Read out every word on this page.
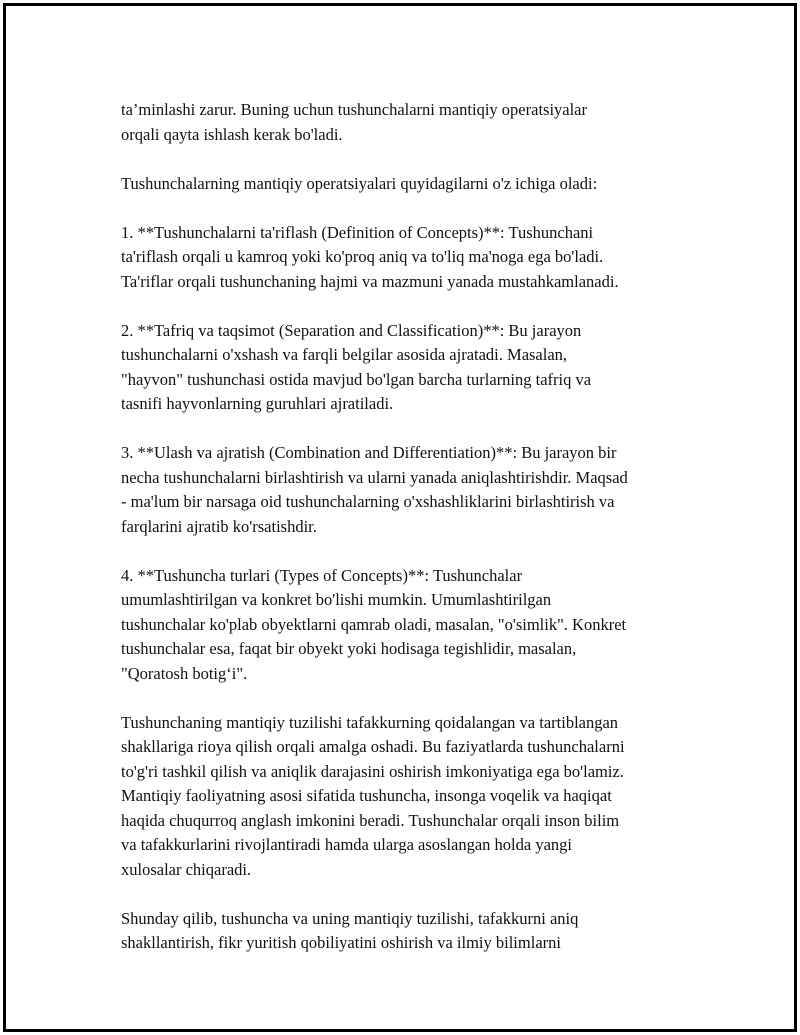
ta’minlashi zarur. Buning uchun tushunchalarni mantiqiy operatsiyalar
orqali qayta ishlash kerak bo'ladi.

Tushunchalarning mantiqiy operatsiyalari quyidagilarni o'z ichiga oladi:

1. **Tushunchalarni ta'riflash (Definition of Concepts)**: Tushunchani
ta'riflash orqali u kamroq yoki ko'proq aniq va to'liq ma'noga ega bo'ladi.
Ta'riflar orqali tushunchaning hajmi va mazmuni yanada mustahkamlanadi.

2. **Tafriq va taqsimot (Separation and Classification)**: Bu jarayon
tushunchalarni o'xshash va farqli belgilar asosida ajratadi. Masalan,
"hayvon" tushunchasi ostida mavjud bo'lgan barcha turlarning tafriq va
tasnifi hayvonlarning guruhlari ajratiladi.

3. **Ulash va ajratish (Combination and Differentiation)**: Bu jarayon bir
necha tushunchalarni birlashtirish va ularni yanada aniqlashtirishdir. Maqsad
- ma'lum bir narsaga oid tushunchalarning o'xshashliklarini birlashtirish va
farqlarini ajratib ko'rsatishdir.

4. **Tushuncha turlari (Types of Concepts)**: Tushunchalar
umumlashtirilgan va konkret bo'lishi mumkin. Umumlashtirilgan
tushunchalar ko'plab obyektlarni qamrab oladi, masalan, "o'simlik". Konkret
tushunchalar esa, faqat bir obyekt yoki hodisaga tegishlidir, masalan,
"Qoratosh botig‘i".

Tushunchaning mantiqiy tuzilishi tafakkurning qoidalangan va tartiblangan
shakllariga rioya qilish orqali amalga oshadi. Bu faziyatlarda tushunchalarni
to'g'ri tashkil qilish va aniqlik darajasini oshirish imkoniyatiga ega bo'lamiz.
Mantiqiy faoliyatning asosi sifatida tushuncha, insonga voqelik va haqiqat
haqida chuqurroq anglash imkonini beradi. Tushunchalar orqali inson bilim
va tafakkurlarini rivojlantiradi hamda ularga asoslangan holda yangi
xulosalar chiqaradi.

Shunday qilib, tushuncha va uning mantiqiy tuzilishi, tafakkurni aniq
shakllantirish, fikr yuritish qobiliyatini oshirish va ilmiy bilimlarni
